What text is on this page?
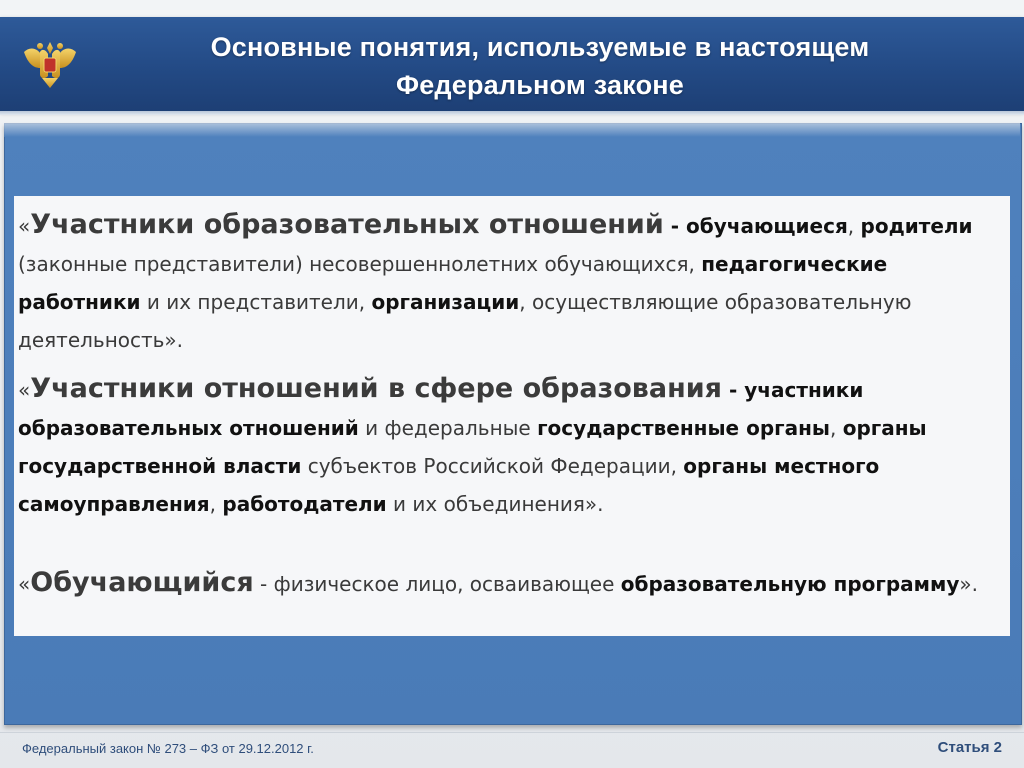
Основные понятия, используемые в настоящем
Федеральном законе
«Участники образовательных отношений - обучающиеся, родители (законные представители) несовершеннолетних обучающихся, педагогические работники и их представители, организации, осуществляющие образовательную деятельность».
«Участники отношений в сфере образования - участники образовательных отношений и федеральные государственные органы, органы государственной власти субъектов Российской Федерации, органы местного самоуправления, работодатели и их объединения».
«Обучающийся - физическое лицо, осваивающее образовательную программу».
Федеральный закон № 273 – ФЗ от 29.12.2012 г.	Статья 2
